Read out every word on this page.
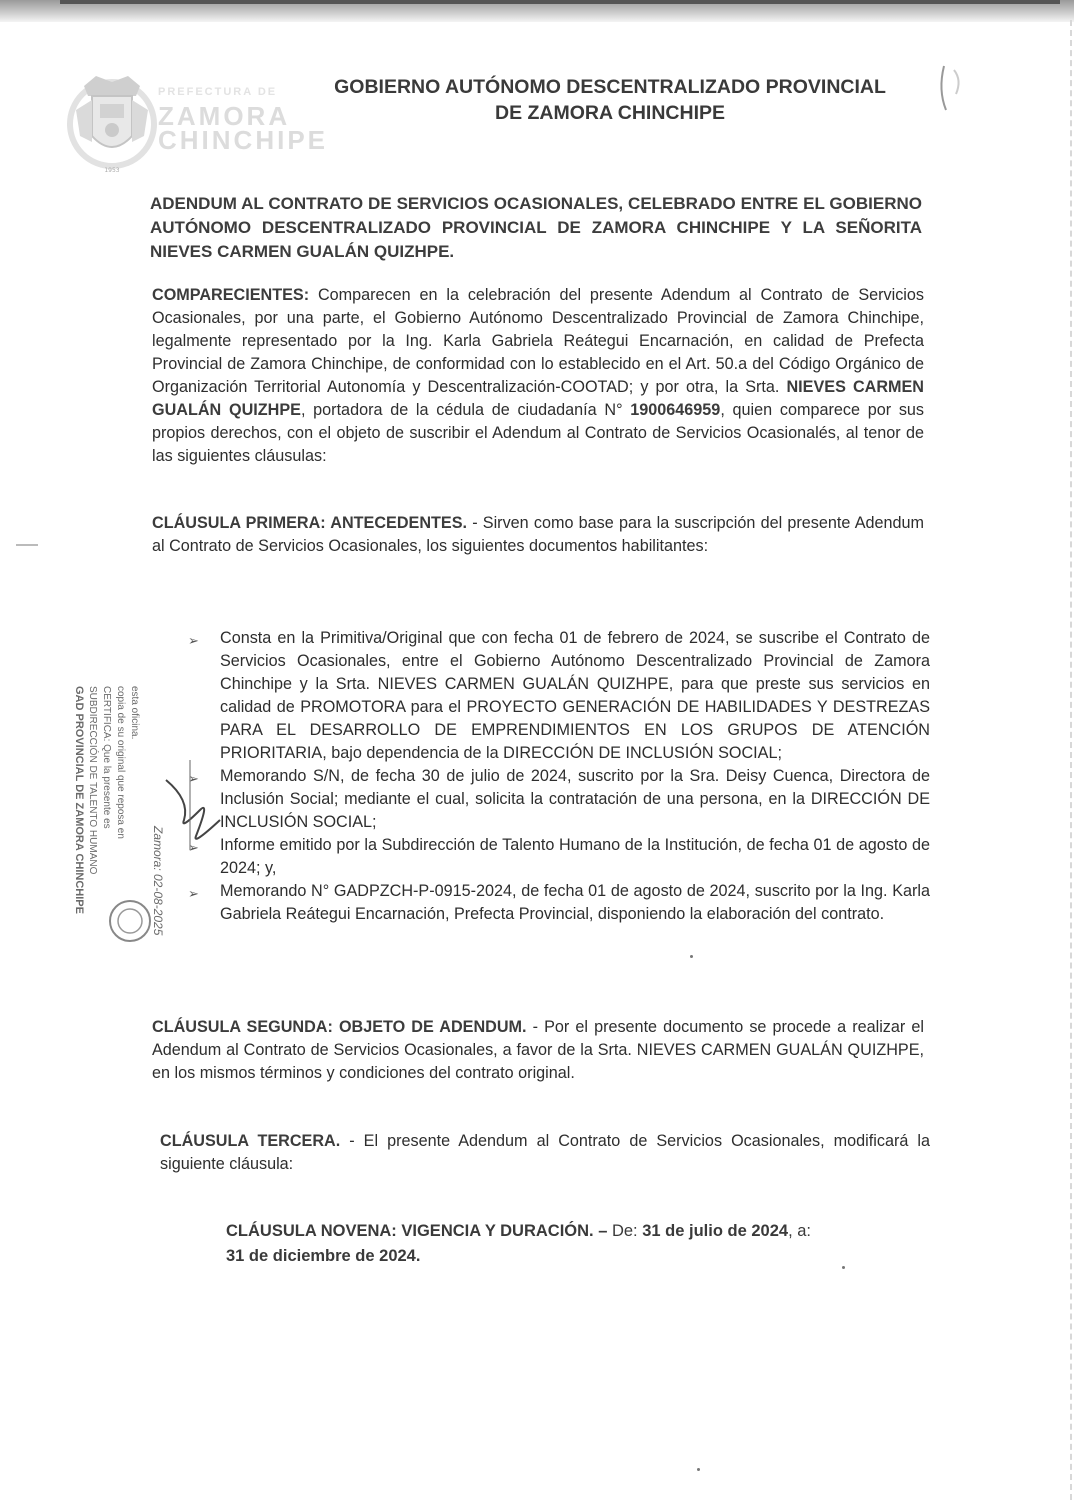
1953
PREFECTURA DE
ZAMORA
CHINCHIPE
GOBIERNO AUTÓNOMO DESCENTRALIZADO PROVINCIAL
DE ZAMORA CHINCHIPE
ADENDUM AL CONTRATO DE SERVICIOS OCASIONALES, CELEBRADO ENTRE EL GOBIERNO AUTÓNOMO DESCENTRALIZADO PROVINCIAL DE ZAMORA CHINCHIPE Y LA SEÑORITA NIEVES CARMEN GUALÁN QUIZHPE.
COMPARECIENTES: Comparecen en la celebración del presente Adendum al Contrato de Servicios Ocasionales, por una parte, el Gobierno Autónomo Descentralizado Provincial de Zamora Chinchipe, legalmente representado por la Ing. Karla Gabriela Reátegui Encarnación, en calidad de Prefecta Provincial de Zamora Chinchipe, de conformidad con lo establecido en el Art. 50.a del Código Orgánico de Organización Territorial Autonomía y Descentralización-COOTAD; y por otra, la Srta. NIEVES CARMEN GUALÁN QUIZHPE, portadora de la cédula de ciudadanía N° 1900646959, quien comparece por sus propios derechos, con el objeto de suscribir el Adendum al Contrato de Servicios Ocasionalés, al tenor de las siguientes cláusulas:
CLÁUSULA PRIMERA: ANTECEDENTES. - Sirven como base para la suscripción del presente Adendum al Contrato de Servicios Ocasionales, los siguientes documentos habilitantes:
➢	Consta en la Primitiva/Original que con fecha 01 de febrero de 2024, se suscribe el Contrato de Servicios Ocasionales, entre el Gobierno Autónomo Descentralizado Provincial de Zamora Chinchipe y la Srta. NIEVES CARMEN GUALÁN QUIZHPE, para que preste sus servicios en calidad de PROMOTORA para el PROYECTO GENERACIÓN DE HABILIDADES Y DESTREZAS PARA EL DESARROLLO DE EMPRENDIMIENTOS EN LOS GRUPOS DE ATENCIÓN PRIORITARIA, bajo dependencia de la DIRECCIÓN DE INCLUSIÓN SOCIAL;
➢	Memorando S/N, de fecha 30 de julio de 2024, suscrito por la Sra. Deisy Cuenca, Directora de Inclusión Social; mediante el cual, solicita la contratación de una persona, en la DIRECCIÓN DE INCLUSIÓN SOCIAL;
➢	Informe emitido por la Subdirección de Talento Humano de la Institución, de fecha 01 de agosto de 2024; y,
➢	Memorando N° GADPZCH-P-0915-2024, de fecha 01 de agosto de 2024, suscrito por la Ing. Karla Gabriela Reátegui Encarnación, Prefecta Provincial, disponiendo la elaboración del contrato.
GAD PROVINCIAL DE ZAMORA CHINCHIPE SUBDIRECCIÓN DE TALENTO HUMANO CERTIFICA: Que la presente es copia de su original que reposa en esta oficina.
Zamora: 02-08-2025
CLÁUSULA SEGUNDA: OBJETO DE ADENDUM. - Por el presente documento se procede a realizar el Adendum al Contrato de Servicios Ocasionales, a favor de la Srta. NIEVES CARMEN GUALÁN QUIZHPE, en los mismos términos y condiciones del contrato original.
CLÁUSULA TERCERA. - El presente Adendum al Contrato de Servicios Ocasionales, modificará la siguiente cláusula:
CLÁUSULA NOVENA: VIGENCIA Y DURACIÓN. – De: 31 de julio de 2024, a:
31 de diciembre de 2024.
